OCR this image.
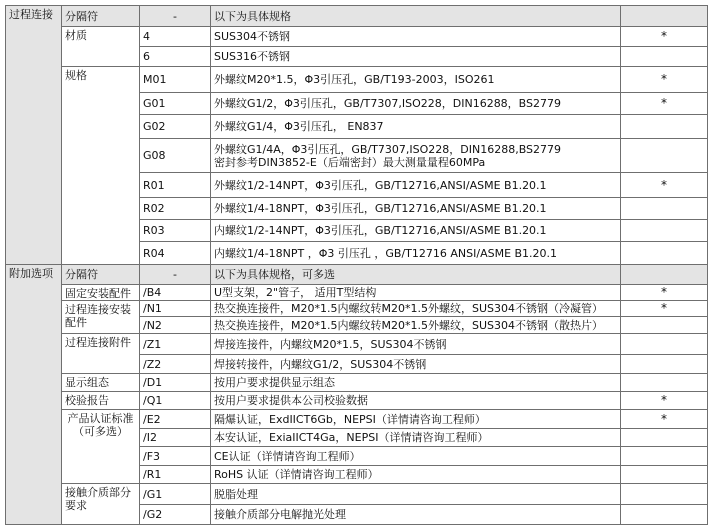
过程连接	分隔符	-	以下为具体规格	
	材质	4	SUS304不锈钢	*
		6	SUS316不锈钢	
	规格	M01	外螺纹M20*1.5，Φ3引压孔，GB/T193-2003，ISO261	*
		G01	外螺纹G1/2，Φ3引压孔，GB/T7307,ISO228，DIN16288，BS2779	*
		G02	外螺纹G1/4，Φ3引压孔， EN837	
		G08	外螺纹G1/4A，Φ3引压孔，GB/T7307,ISO228，DIN16288,BS2779
密封参考DIN3852-E（后端密封）最大测量量程60MPa	

		R01	外螺纹1/2-14NPT，Φ3引压孔，GB/T12716,ANSI/ASME B1.20.1	*
		R02	外螺纹1/4-18NPT，Φ3引压孔，GB/T12716,ANSI/ASME B1.20.1	
		R03	内螺纹1/2-14NPT，Φ3引压孔，GB/T12716,ANSI/ASME B1.20.1	
		R04	内螺纹1/4-18NPT ，Φ3 引压孔 ，GB/T12716 ANSI/ASME B1.20.1	
附加选项	分隔符	-	以下为具体规格，可多选	

	固定安装配件	/B4	U型支架，2"管子， 适用T型结构	*

	过程连接安装配件	/N1	热交换连接件，M20*1.5内螺纹转M20*1.5外螺纹，SUS304不锈钢（冷凝管）	*
		/N2	热交换连接件，M20*1.5内螺纹转M20*1.5外螺纹，SUS304不锈钢（散热片）	

	过程连接附件	/Z1	焊接连接件，内螺纹M20*1.5，SUS304不锈钢	
		/Z2	焊接转接件，内螺纹G1/2，SUS304不锈钢	

	显示组态	/D1	按用户要求提供显示组态	

	校验报告	/Q1	按用户要求提供本公司校验数据	*

	产品认证标准
（可多选）	/E2	隔爆认证，ExdIICT6Gb，NEPSI（详情请咨询工程师）	*
		/I2	本安认证，ExiaIICT4Ga，NEPSI（详情请咨询工程师）	
		/F3	CE认证（详情请咨询工程师）	
		/R1	RoHS 认证（详情请咨询工程师）	

	接触介质部分要求	/G1	脱脂处理	
		/G2	接触介质部分电解抛光处理	
